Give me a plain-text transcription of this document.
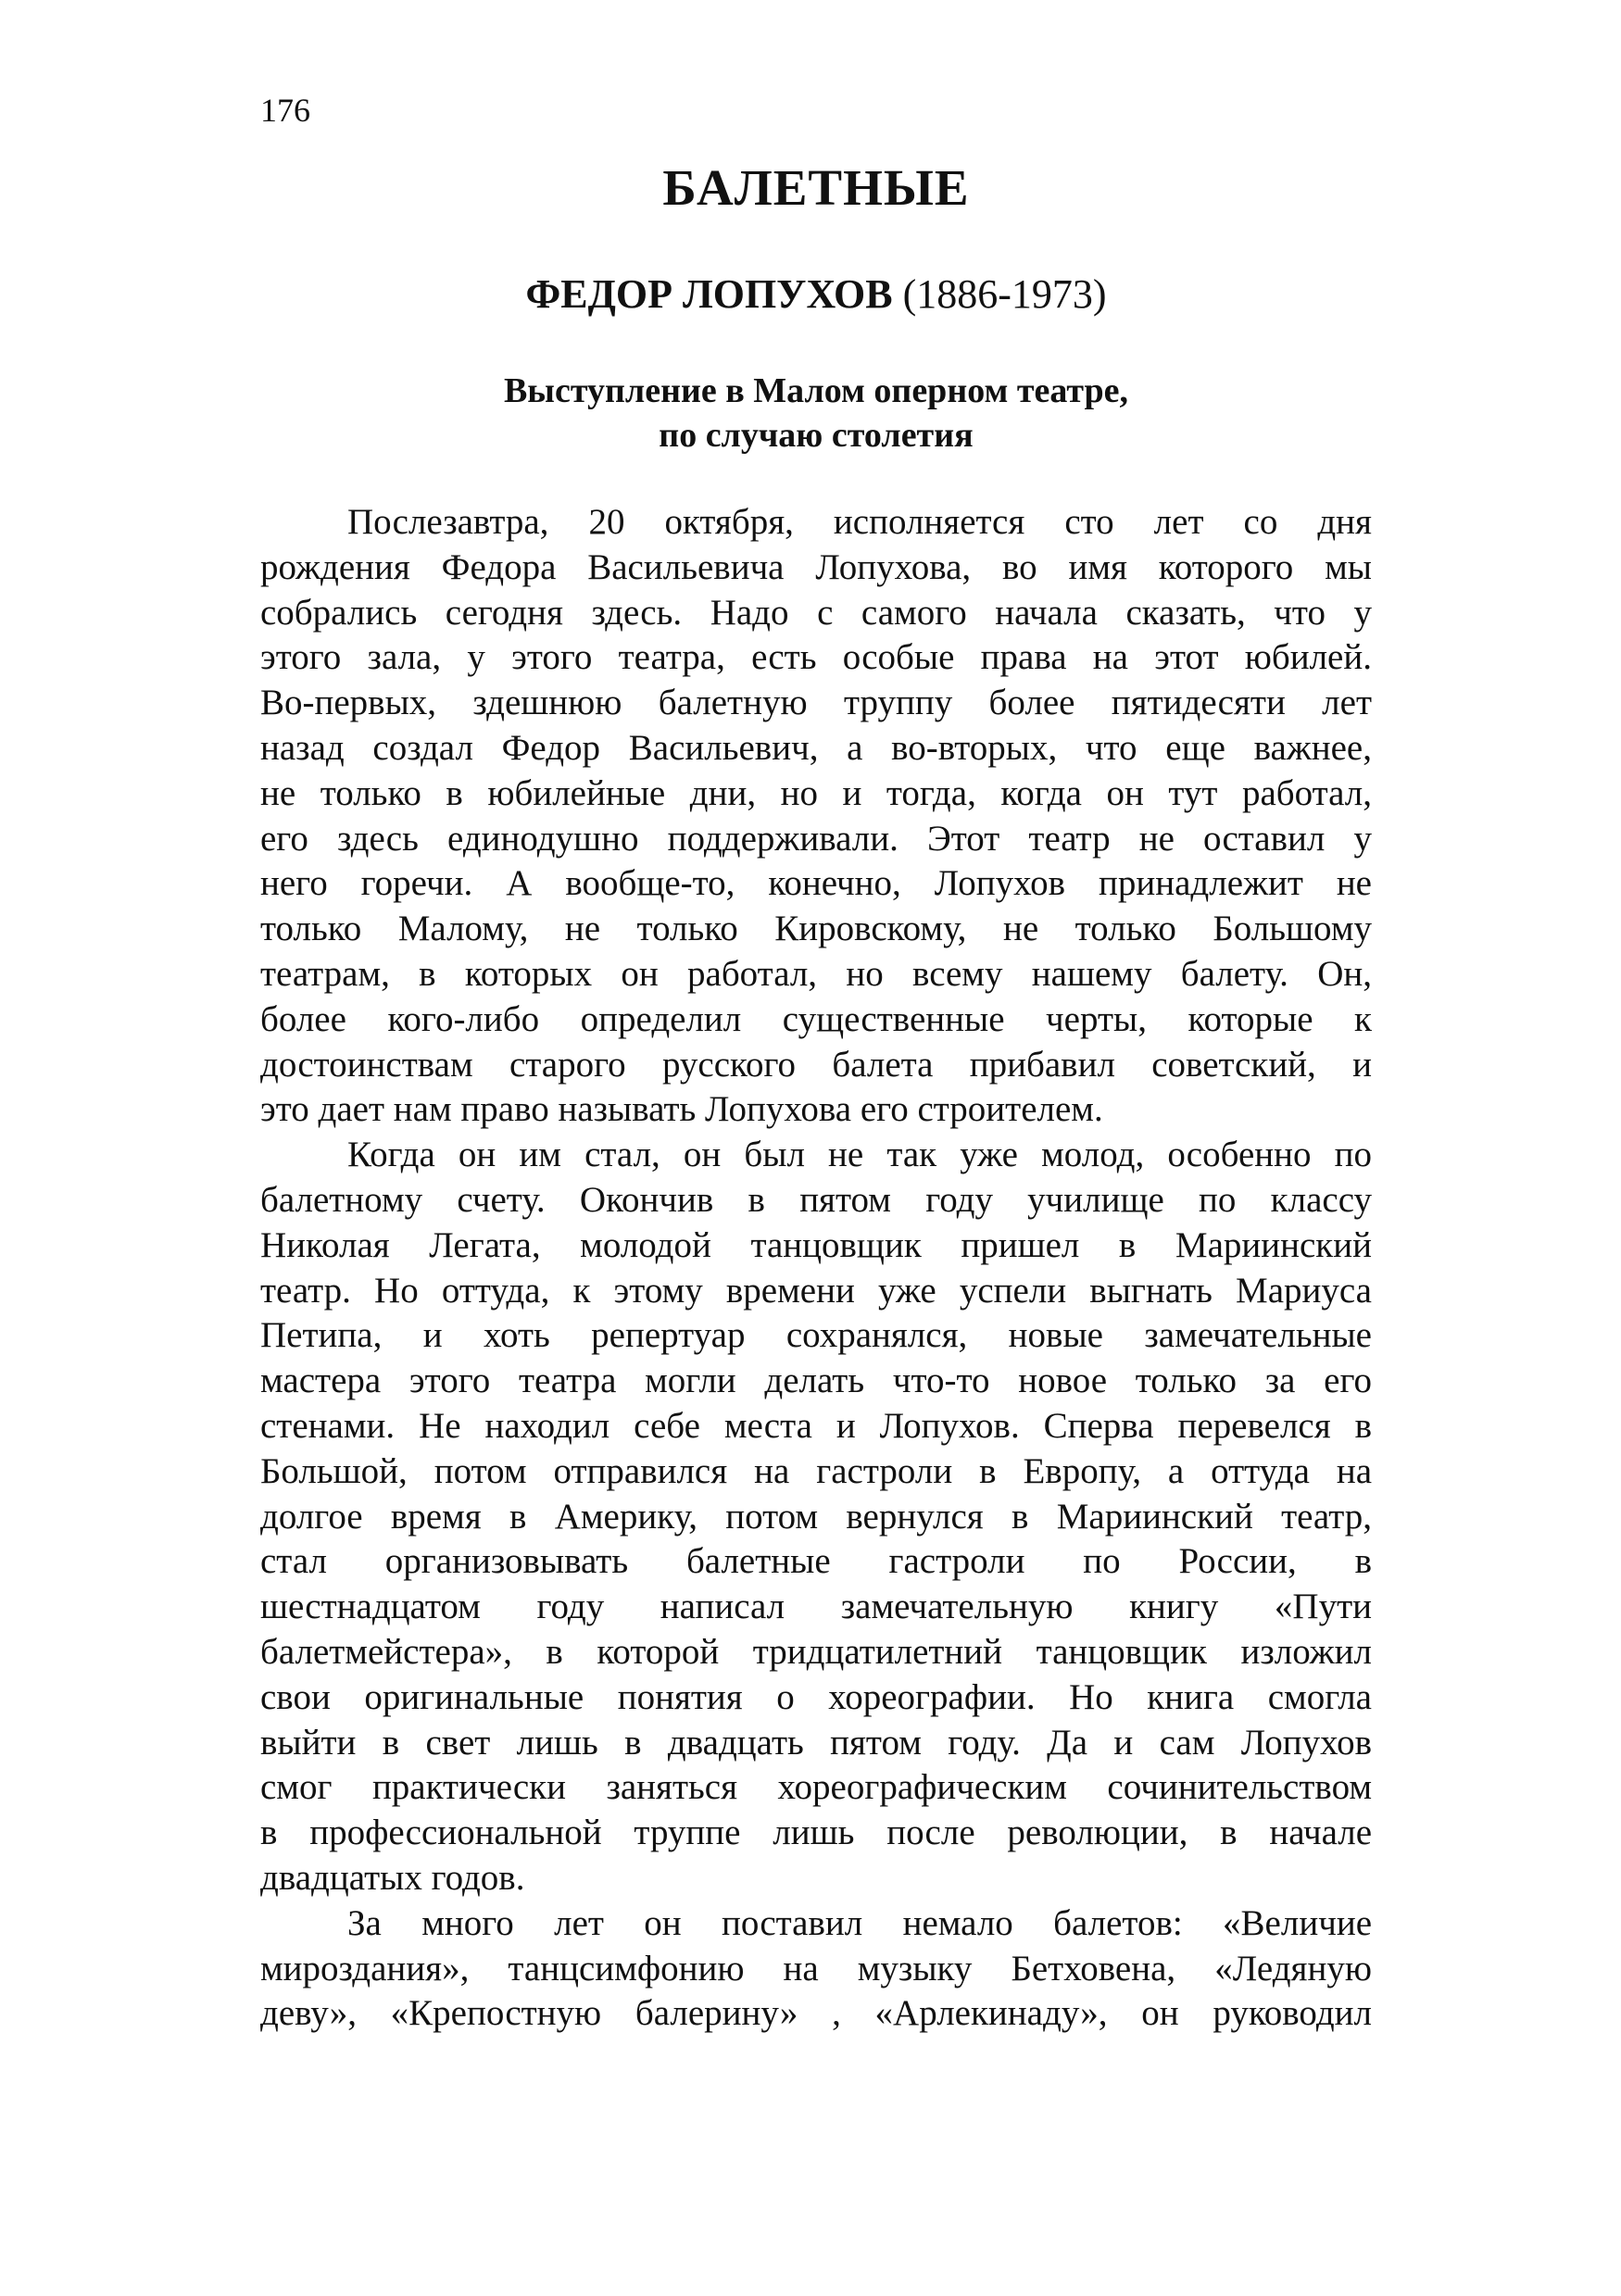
176
БАЛЕТНЫЕ
ФЕДОР ЛОПУХОВ (1886-1973)
Выступление в Малом оперном театре,
по случаю столетия
Послезавтра, 20 октября, исполняется сто лет со дня
рождения Федора Васильевича Лопухова, во имя которого мы
собрались сегодня здесь. Надо с самого начала сказать, что у
этого зала, у этого театра, есть особые права на этот юбилей.
Во-первых, здешнюю балетную труппу более пятидесяти лет
назад создал Федор Васильевич, а во-вторых, что еще важнее,
не только в юбилейные дни, но и тогда, когда он тут работал,
его здесь единодушно поддерживали. Этот театр не оставил у
него горечи. А вообще-то, конечно, Лопухов принадлежит не
только Малому, не только Кировскому, не только Большому
театрам, в которых он работал, но всему нашему балету. Он,
более кого-либо определил существенные черты, которые к
достоинствам старого русского балета прибавил советский, и
это дает нам право называть Лопухова его строителем.
Когда он им стал, он был не так уже молод, особенно по
балетному счету. Окончив в пятом году училище по классу
Николая Легата, молодой танцовщик пришел в Мариинский
театр. Но оттуда, к этому времени уже успели выгнать Мариуса
Петипа, и хоть репертуар сохранялся, новые замечательные
мастера этого театра могли делать что-то новое только за его
стенами. Не находил себе места и Лопухов. Сперва перевелся в
Большой, потом отправился на гастроли в Европу, а оттуда на
долгое время в Америку, потом вернулся в Мариинский театр,
стал организовывать балетные гастроли по России, в
шестнадцатом году написал замечательную книгу «Пути
балетмейстера», в которой тридцатилетний танцовщик изложил
свои оригинальные понятия о хореографии. Но книга смогла
выйти в свет лишь в двадцать пятом году. Да и сам Лопухов
смог практически заняться хореографическим сочинительством
в профессиональной труппе лишь после революции, в начале
двадцатых годов.
За много лет он поставил немало балетов: «Величие
мироздания», танцсимфонию на музыку Бетховена, «Ледяную
деву», «Крепостную балерину» , «Арлекинаду», он руководил
